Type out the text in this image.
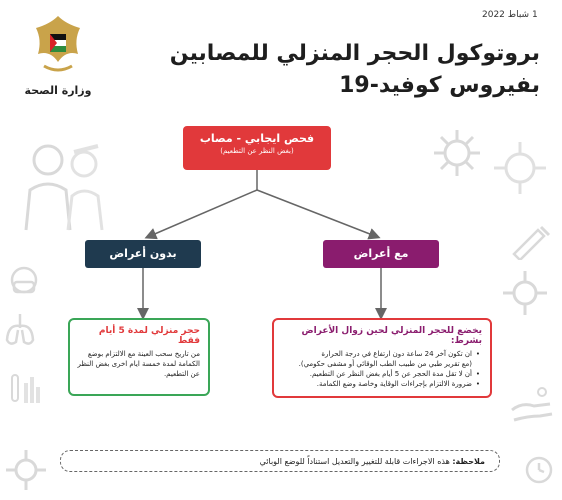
1 شباط 2022
بروتوكول الحجر المنزلي للمصابين
بفيروس كوفيد-19
وزارة الصحة
فحص ايجابي - مصاب
(بغض النظر عن التطعيم)
بدون أعراض	مع أعراض
حجر منزلي لمدة 5 أيام فقط
من تاريخ سحب العينة مع الالتزام بوضع الكمامة لمدة خمسة ايام اخرى بغض النظر عن التطعيم.
يخضع للحجر المنزلي لحين زوال الأعراض بشرط:
• ان تكون آخر 24 ساعة دون ارتفاع في درجة الحرارة
(مع تقرير طبي من طبيب الطب الوقائي أو مشفى حكومي).
• أن لا تقل مدة الحجر عن 5 أيام بغض النظر عن التطعيم.
• ضرورة الالتزام بإجراءات الوقاية وخاصة وضع الكمامة.
ملاحظة: هذه الاجراءات قابلة للتغيير والتعديل استناداً للوضع الوبائي
